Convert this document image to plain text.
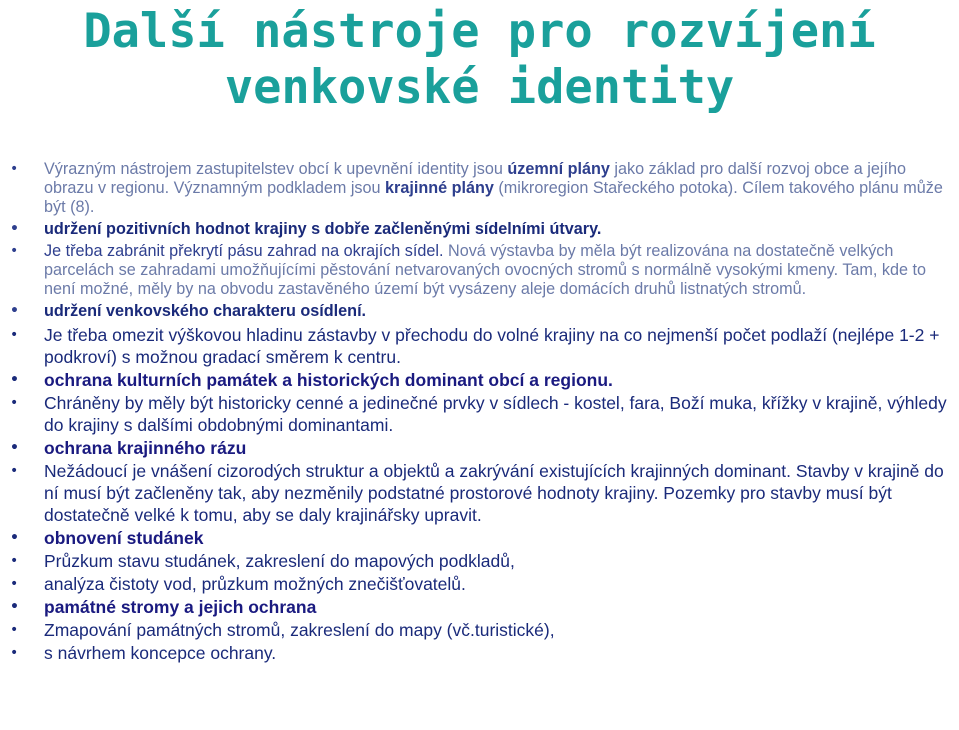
Další nástroje pro rozvíjení
venkovské identity
• Výrazným nástrojem zastupitelstev obcí k upevnění identity jsou územní plány jako základ pro další rozvoj obce a jejího obrazu v regionu. Významným podkladem jsou krajinné plány (mikroregion Stařeckého potoka). Cílem takového plánu může být (8).
• udržení pozitivních hodnot krajiny s dobře začleněnými sídelními útvary.
• Je třeba zabránit překrytí pásu zahrad na okrajích sídel. Nová výstavba by měla být realizována na dostatečně velkých parcelách se zahradami umožňujícími pěstování netvarovaných ovocných stromů s normálně vysokými kmeny. Tam, kde to není možné, měly by na obvodu zastavěného území být vysázeny aleje domácích druhů listnatých stromů.
• udržení venkovského charakteru osídlení.
• Je třeba omezit výškovou hladinu zástavby v přechodu do volné krajiny na co nejmenší počet podlaží (nejlépe 1-2 + podkroví) s možnou gradací směrem k centru.
• ochrana kulturních památek a historických dominant obcí a regionu.
• Chráněny by měly být historicky cenné a jedinečné prvky v sídlech - kostel, fara, Boží muka, křížky v krajině, výhledy do krajiny s dalšími obdobnými dominantami.
• ochrana krajinného rázu
• Nežádoucí je vnášení cizorodých struktur a objektů a zakrývání existujících krajinných dominant. Stavby v krajině do ní musí být začleněny tak, aby nezměnily podstatné prostorové hodnoty krajiny. Pozemky pro stavby musí být dostatečně velké k tomu, aby se daly krajinářsky upravit.
• obnovení studánek
• Průzkum stavu studánek, zakreslení do mapových podkladů,
• analýza čistoty vod, průzkum možných znečišťovatelů.
• památné stromy a jejich ochrana
• Zmapování památných stromů, zakreslení do mapy (vč.turistické),
• s návrhem koncepce ochrany.
